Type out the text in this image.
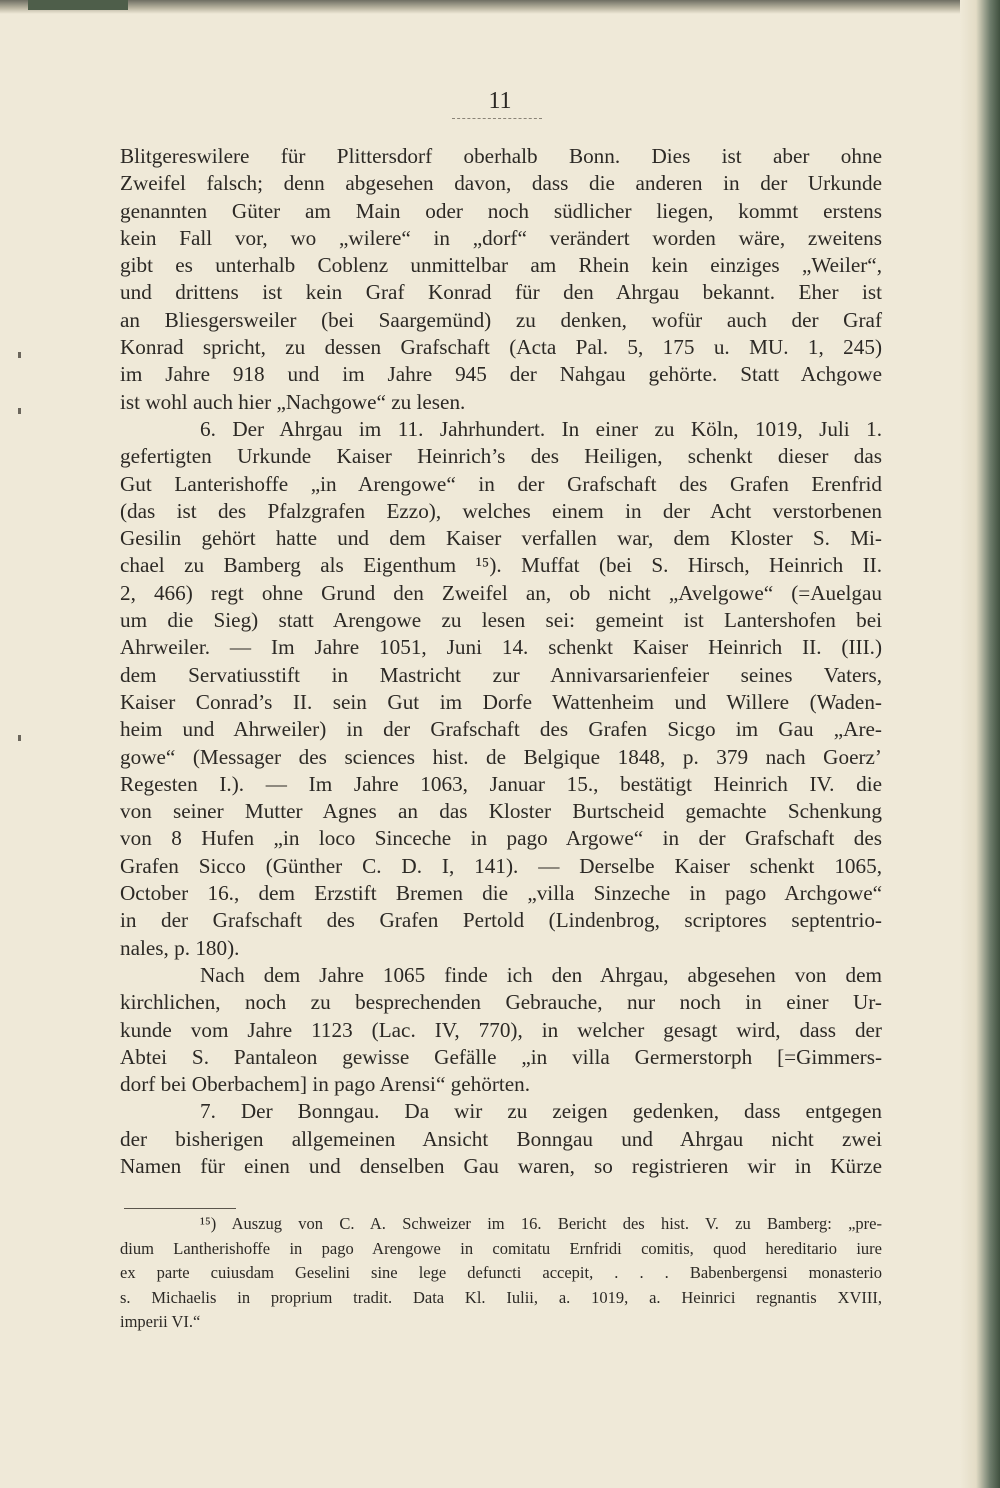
11
Blitgereswilere für Plittersdorf oberhalb Bonn. Dies ist aber ohne
Zweifel falsch; denn abgesehen davon, dass die anderen in der Urkunde
genannten Güter am Main oder noch südlicher liegen, kommt erstens
kein Fall vor, wo „wilere“ in „dorf“ verändert worden wäre, zweitens
gibt es unterhalb Coblenz unmittelbar am Rhein kein einziges „Weiler“,
und drittens ist kein Graf Konrad für den Ahrgau bekannt. Eher ist
an Bliesgersweiler (bei Saargemünd) zu denken, wofür auch der Graf
Konrad spricht, zu dessen Grafschaft (Acta Pal. 5, 175 u. MU. 1, 245)
im Jahre 918 und im Jahre 945 der Nahgau gehörte. Statt Achgowe
ist wohl auch hier „Nachgowe“ zu lesen.
6. Der Ahrgau im 11. Jahrhundert. In einer zu Köln, 1019, Juli 1.
gefertigten Urkunde Kaiser Heinrich’s des Heiligen, schenkt dieser das
Gut Lanterishoffe „in Arengowe“ in der Grafschaft des Grafen Erenfrid
(das ist des Pfalzgrafen Ezzo), welches einem in der Acht verstorbenen
Gesilin gehört hatte und dem Kaiser verfallen war, dem Kloster S. Mi-
chael zu Bamberg als Eigenthum ¹⁵). Muffat (bei S. Hirsch, Heinrich II.
2, 466) regt ohne Grund den Zweifel an, ob nicht „Avelgowe“ (=Auelgau
um die Sieg) statt Arengowe zu lesen sei: gemeint ist Lantershofen bei
Ahrweiler. — Im Jahre 1051, Juni 14. schenkt Kaiser Heinrich II. (III.)
dem Servatiusstift in Mastricht zur Annivarsarienfeier seines Vaters,
Kaiser Conrad’s II. sein Gut im Dorfe Wattenheim und Willere (Waden-
heim und Ahrweiler) in der Grafschaft des Grafen Sicgo im Gau „Are-
gowe“ (Messager des sciences hist. de Belgique 1848, p. 379 nach Goerz’
Regesten I.). — Im Jahre 1063, Januar 15., bestätigt Heinrich IV. die
von seiner Mutter Agnes an das Kloster Burtscheid gemachte Schenkung
von 8 Hufen „in loco Sinceche in pago Argowe“ in der Grafschaft des
Grafen Sicco (Günther C. D. I, 141). — Derselbe Kaiser schenkt 1065,
October 16., dem Erzstift Bremen die „villa Sinzeche in pago Archgowe“
in der Grafschaft des Grafen Pertold (Lindenbrog, scriptores septentrio-
nales, p. 180).
Nach dem Jahre 1065 finde ich den Ahrgau, abgesehen von dem
kirchlichen, noch zu besprechenden Gebrauche, nur noch in einer Ur-
kunde vom Jahre 1123 (Lac. IV, 770), in welcher gesagt wird, dass der
Abtei S. Pantaleon gewisse Gefälle „in villa Germerstorph [=Gimmers-
dorf bei Oberbachem] in pago Arensi“ gehörten.
7. Der Bonngau. Da wir zu zeigen gedenken, dass entgegen
der bisherigen allgemeinen Ansicht Bonngau und Ahrgau nicht zwei
Namen für einen und denselben Gau waren, so registrieren wir in Kürze
¹⁵) Auszug von C. A. Schweizer im 16. Bericht des hist. V. zu Bamberg: „pre-
dium Lantherishoffe in pago Arengowe in comitatu Ernfridi comitis, quod hereditario iure
ex parte cuiusdam Geselini sine lege defuncti accepit, . . . Babenbergensi monasterio
s. Michaelis in proprium tradit. Data Kl. Iulii, a. 1019, a. Heinrici regnantis XVIII,
imperii VI.“
